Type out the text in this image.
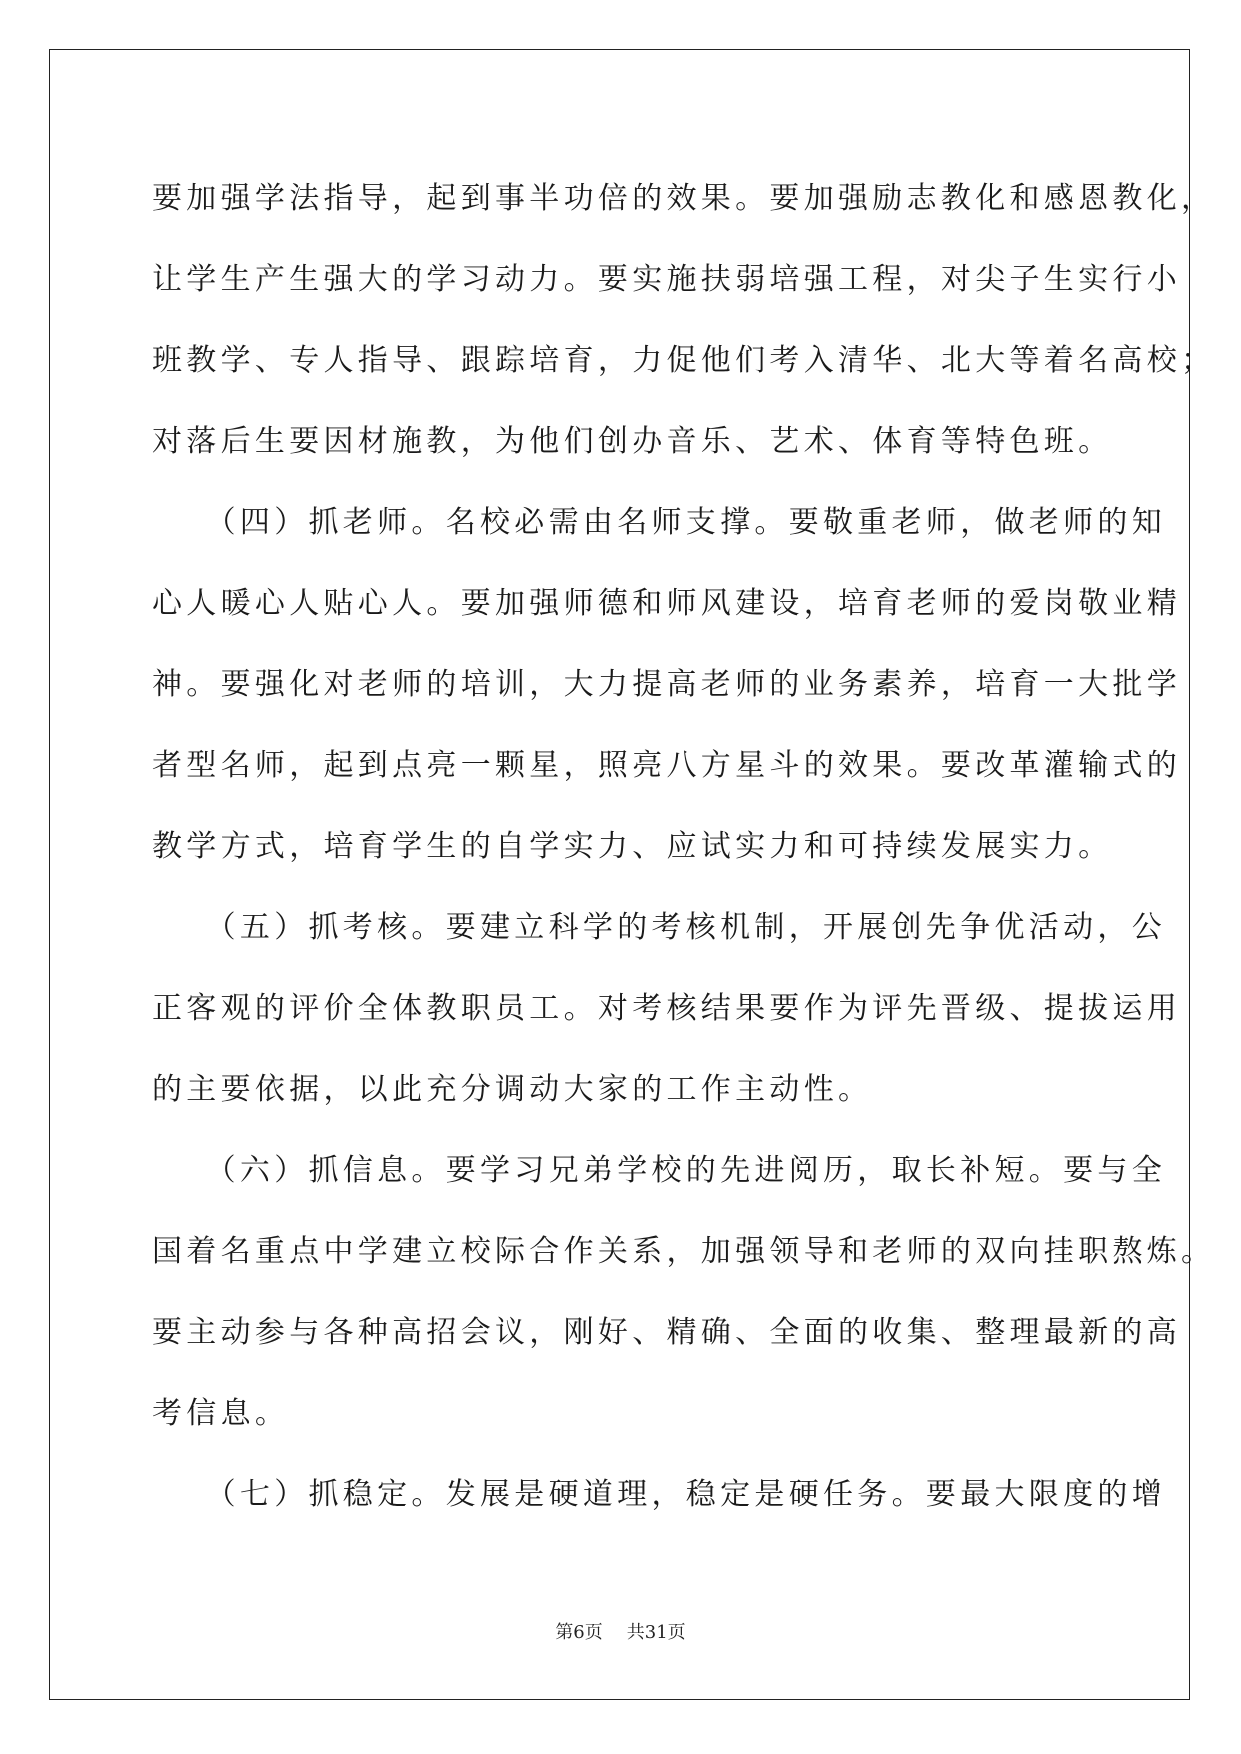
要加强学法指导，起到事半功倍的效果。要加强励志教化和感恩教化，
让学生产生强大的学习动力。要实施扶弱培强工程，对尖子生实行小
班教学、专人指导、跟踪培育，力促他们考入清华、北大等着名高校；
对落后生要因材施教，为他们创办音乐、艺术、体育等特色班。
　　（四）抓老师。名校必需由名师支撑。要敬重老师，做老师的知
心人暖心人贴心人。要加强师德和师风建设，培育老师的爱岗敬业精
神。要强化对老师的培训，大力提高老师的业务素养，培育一大批学
者型名师，起到点亮一颗星，照亮八方星斗的效果。要改革灌输式的
教学方式，培育学生的自学实力、应试实力和可持续发展实力。
　　（五）抓考核。要建立科学的考核机制，开展创先争优活动，公
正客观的评价全体教职员工。对考核结果要作为评先晋级、提拔运用
的主要依据，以此充分调动大家的工作主动性。
　　（六）抓信息。要学习兄弟学校的先进阅历，取长补短。要与全
国着名重点中学建立校际合作关系，加强领导和老师的双向挂职熬炼。
要主动参与各种高招会议，刚好、精确、全面的收集、整理最新的高
考信息。
　　（七）抓稳定。发展是硬道理，稳定是硬任务。要最大限度的增
第6页 共31页
